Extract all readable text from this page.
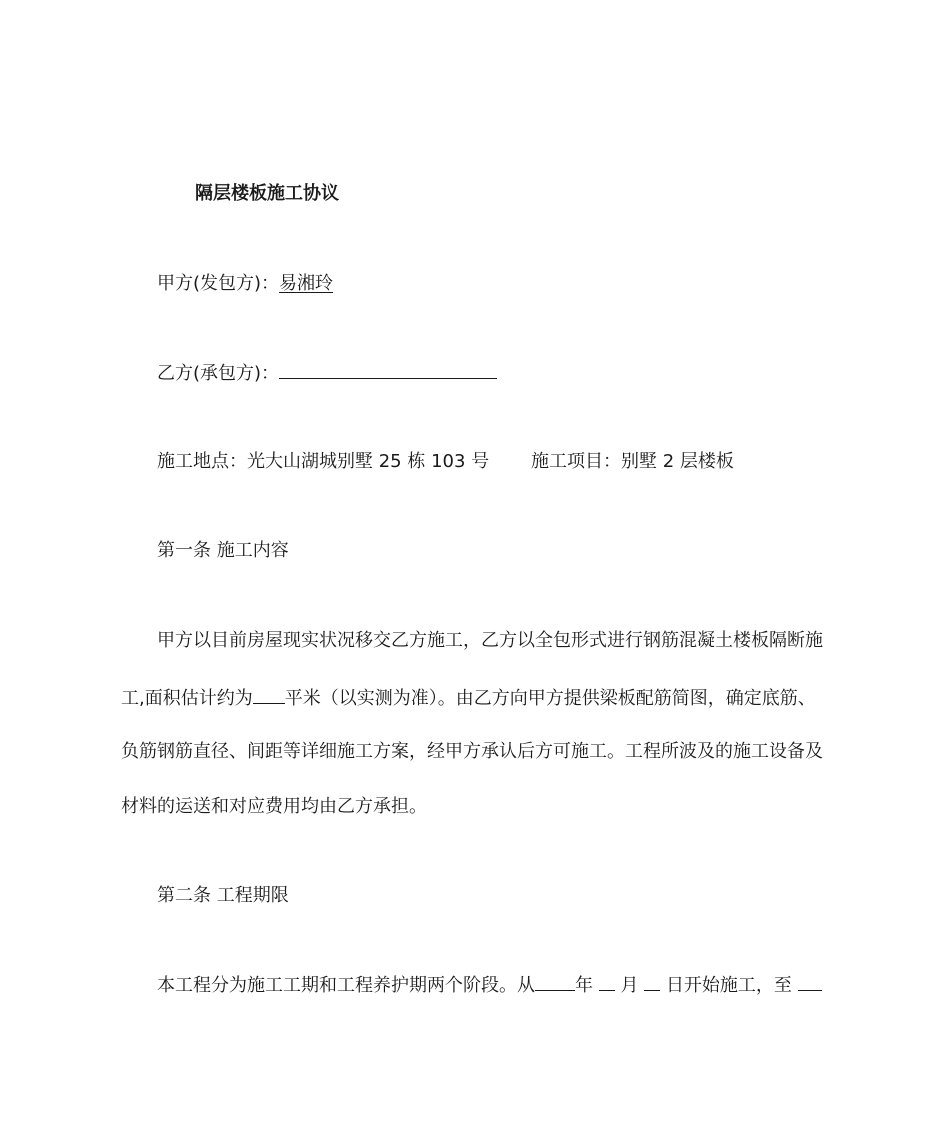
隔层楼板施工协议
甲方(发包方)：易湘玲
乙方(承包方)：
施工地点：光大山湖城别墅 25 栋 103 号 施工项目：别墅 2 层楼板
第一条 施工内容
甲方以目前房屋现实状况移交乙方施工，乙方以全包形式进行钢筋混凝土楼板隔断施
工,面积估计约为 平米（以实测为准）。由乙方向甲方提供梁板配筋简图，确定底筋、
负筋钢筋直径、间距等详细施工方案，经甲方承认后方可施工。工程所波及的施工设备及
材料的运送和对应费用均由乙方承担。
第二条 工程期限
本工程分为施工工期和工程养护期两个阶段。从 年 月 日开始施工，至
